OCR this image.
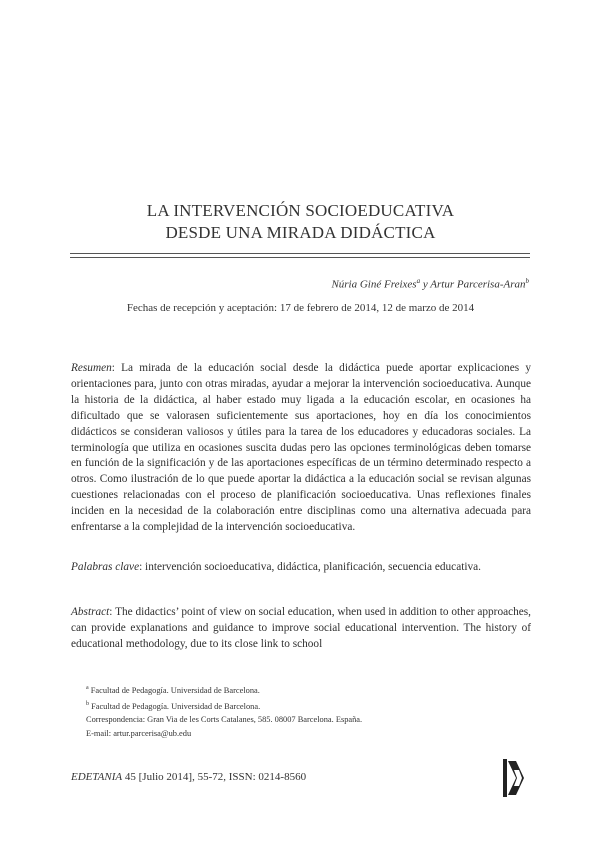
LA INTERVENCIÓN SOCIOEDUCATIVA
DESDE UNA MIRADA DIDÁCTICA
Núria Giné Freixes$^a$ y Artur Parcerisa-Aran$^b$
Fechas de recepción y aceptación: 17 de febrero de 2014, 12 de marzo de 2014
Resumen: La mirada de la educación social desde la didáctica puede aportar explicaciones y orientaciones para, junto con otras miradas, ayudar a mejorar la intervención socioeducativa. Aunque la historia de la didáctica, al haber estado muy ligada a la educación escolar, en ocasiones ha dificultado que se valorasen suficientemente sus aportaciones, hoy en día los conocimientos didácticos se consideran valiosos y útiles para la tarea de los educadores y educadoras sociales. La terminología que utiliza en ocasiones suscita dudas pero las opciones terminológicas deben tomarse en función de la significación y de las aportaciones específicas de un término determinado respecto a otros. Como ilustración de lo que puede aportar la didáctica a la educación social se revisan algunas cuestiones relacionadas con el proceso de planificación socioeducativa. Unas reflexiones finales inciden en la necesidad de la colaboración entre disciplinas como una alternativa adecuada para enfrentarse a la complejidad de la intervención socioeducativa.
Palabras clave: intervención socioeducativa, didáctica, planificación, secuencia educativa.
Abstract: The didactics’ point of view on social education, when used in addition to other approaches, can provide explanations and guidance to improve social educational intervention. The history of educational methodology, due to its close link to school
$^a$ Facultad de Pedagogía. Universidad de Barcelona.
$^b$ Facultad de Pedagogía. Universidad de Barcelona.
Correspondencia: Gran Via de les Corts Catalanes, 585. 08007 Barcelona. España.
E-mail: artur.parcerisa@ub.edu
EDETANIA 45 [Julio 2014], 55-72, ISSN: 0214-8560
